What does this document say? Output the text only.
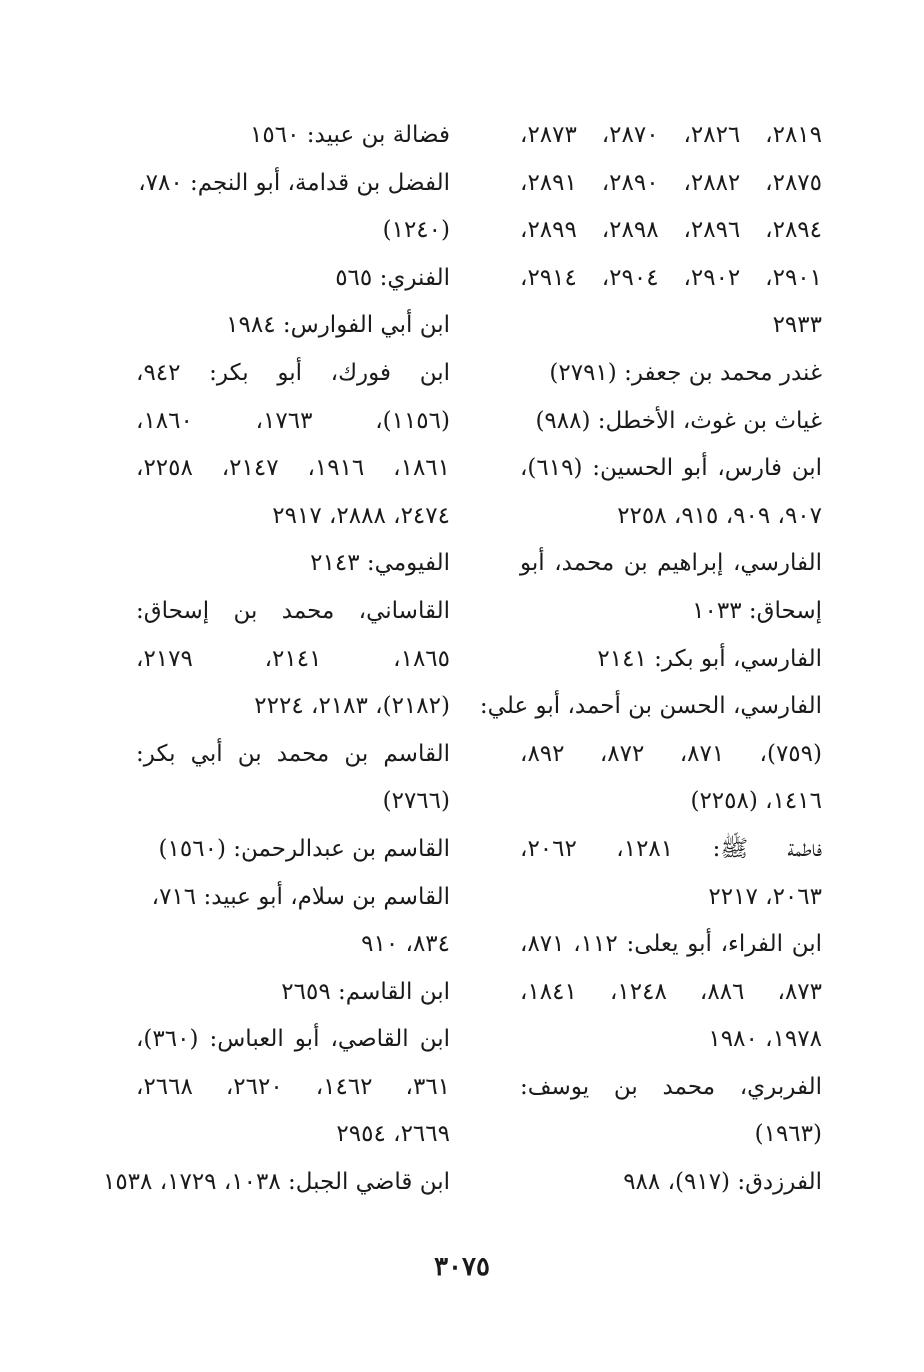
٢٨١٩، ٢٨٢٦، ٢٨٧٠، ٢٨٧٣،
٢٨٧٥، ٢٨٨٢، ٢٨٩٠، ٢٨٩١،
٢٨٩٤، ٢٨٩٦، ٢٨٩٨، ٢٨٩٩،
٢٩٠١، ٢٩٠٢، ٢٩٠٤، ٢٩١٤،
٢٩٣٣
غندر محمد بن جعفر: (٢٧٩١)
غياث بن غوث، الأخطل: (٩٨٨)
ابن فارس، أبو الحسين: (٦١٩)،
٩٠٧، ٩٠٩، ٩١٥، ٢٢٥٨
الفارسي، إبراهيم بن محمد، أبو
إسحاق: ١٠٣٣
الفارسي، أبو بكر: ٢١٤١
الفارسي، الحسن بن أحمد، أبو علي:
(٧٥٩)، ٨٧١، ٨٧٢، ٨٩٢،
١٤١٦، (٢٢٥٨)
فاطمة ﷺ: ١٢٨١، ٢٠٦٢،
٢٠٦٣، ٢٢١٧
ابن الفراء، أبو يعلى: ١١٢، ٨٧١،
٨٧٣، ٨٨٦، ١٢٤٨، ١٨٤١،
١٩٧٨، ١٩٨٠
الفربري، محمد بن يوسف:
(١٩٦٣)
الفرزدق: (٩١٧)، ٩٨٨
فضالة بن عبيد: ١٥٦٠
الفضل بن قدامة، أبو النجم: ٧٨٠،
(١٢٤٠)
الفنري: ٥٦٥
ابن أبي الفوارس: ١٩٨٤
ابن فورك، أبو بكر: ٩٤٢،
(١١٥٦)، ١٧٦٣، ١٨٦٠،
١٨٦١، ١٩١٦، ٢١٤٧، ٢٢٥٨،
٢٤٧٤، ٢٨٨٨، ٢٩١٧
الفيومي: ٢١٤٣
القاساني، محمد بن إسحاق:
١٨٦٥، ٢١٤١، ٢١٧٩،
(٢١٨٢)، ٢١٨٣، ٢٢٢٤
القاسم بن محمد بن أبي بكر:
(٢٧٦٦)
القاسم بن عبدالرحمن: (١٥٦٠)
القاسم بن سلام، أبو عبيد: ٧١٦،
٨٣٤، ٩١٠
ابن القاسم: ٢٦٥٩
ابن القاصي، أبو العباس: (٣٦٠)،
٣٦١، ١٤٦٢، ٢٦٢٠، ٢٦٦٨،
٢٦٦٩، ٢٩٥٤
ابن قاضي الجبل: ١٠٣٨، ١٧٢٩، ١٥٣٨
٣٠٧٥
